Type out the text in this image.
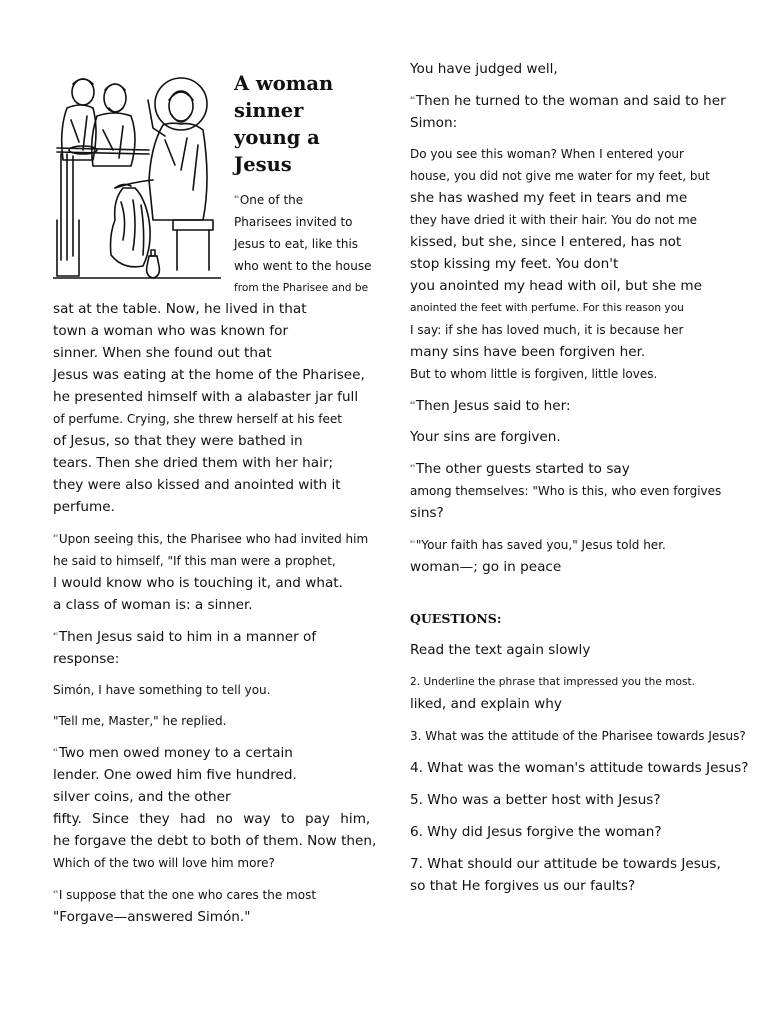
A woman
sinner
young a
Jesus
$^{^{36}}$One of the
Pharisees invited to
Jesus to eat, like this
who went to the house
from the Pharisee and be
sat at the table. Now, he lived in that
town a woman who was known for
sinner. When she found out that
Jesus was eating at the home of the Pharisee,
he presented himself with a alabaster jar full
of perfume. Crying, she threw herself at his feet
of Jesus, so that they were bathed in
tears. Then she dried them with her hair;
they were also kissed and anointed with it
perfume.
$^{^{39}}$Upon seeing this, the Pharisee who had invited him
he said to himself, "If this man were a prophet,
I would know who is touching it, and what.
a class of woman is: a sinner.
$^{^{40}}$Then Jesus said to him in a manner of
response:
Simón, I have something to tell you.
"Tell me, Master," he replied.
$^{^{41}}$Two men owed money to a certain
lender. One owed him five hundred.
silver coins, and the other
fifty. Since they had no way to pay him,
he forgave the debt to both of them. Now then,
Which of the two will love him more?
$^{^{43}}$I suppose that the one who cares the most
"Forgave—answered Simón."
You have judged well,
$^{^{44}}$Then he turned to the woman and said to her
Simon:
Do you see this woman? When I entered your
house, you did not give me water for my feet, but
she has washed my feet in tears and me
they have dried it with their hair. You do not me
kissed, but she, since I entered, has not
stop kissing my feet. You don't
you anointed my head with oil, but she me
anointed the feet with perfume. For this reason you
I say: if she has loved much, it is because her
many sins have been forgiven her.
But to whom little is forgiven, little loves.
$^{^{48}}$Then Jesus said to her:
Your sins are forgiven.
$^{^{49}}$The other guests started to say
among themselves: "Who is this, who even forgives
sins?
$^{^{50}}$"Your faith has saved you," Jesus told her.
woman—; go in peace
QUESTIONS:
Read the text again slowly
2. Underline the phrase that impressed you the most.
liked, and explain why
3. What was the attitude of the Pharisee towards Jesus?
4. What was the woman's attitude towards Jesus?
5. Who was a better host with Jesus?
6. Why did Jesus forgive the woman?
7. What should our attitude be towards Jesus,
so that He forgives us our faults?
